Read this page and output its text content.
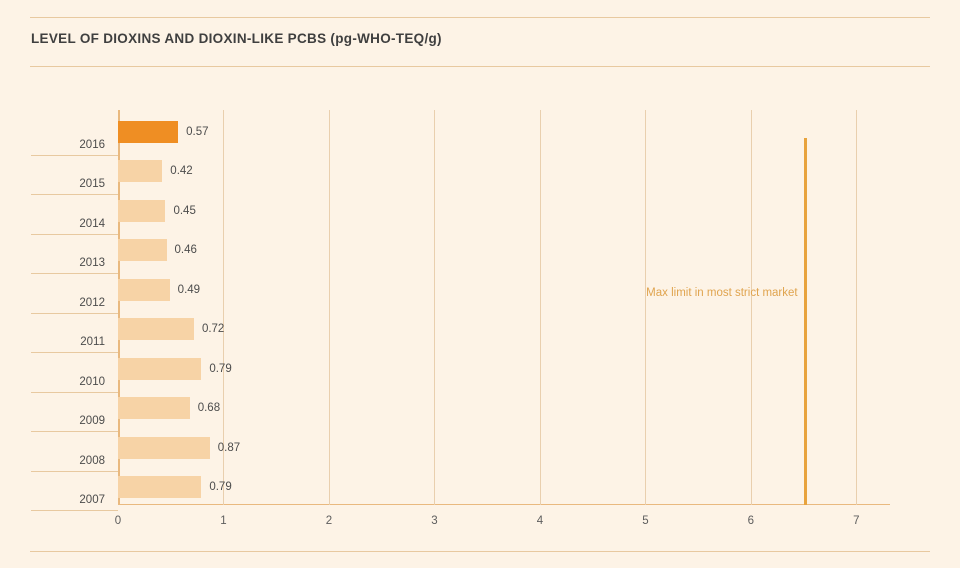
LEVEL OF DIOXINS AND DIOXIN-LIKE PCBS (pg-WHO-TEQ/g)
2016
2015
2014
2013
2012
2011
2010
2009
2008
2007
0.57
0.42
0.45
0.46
0.49
0.72
0.79
0.68
0.87
0.79
Max limit in most strict market
0	1	2	3	4	5	6	7
